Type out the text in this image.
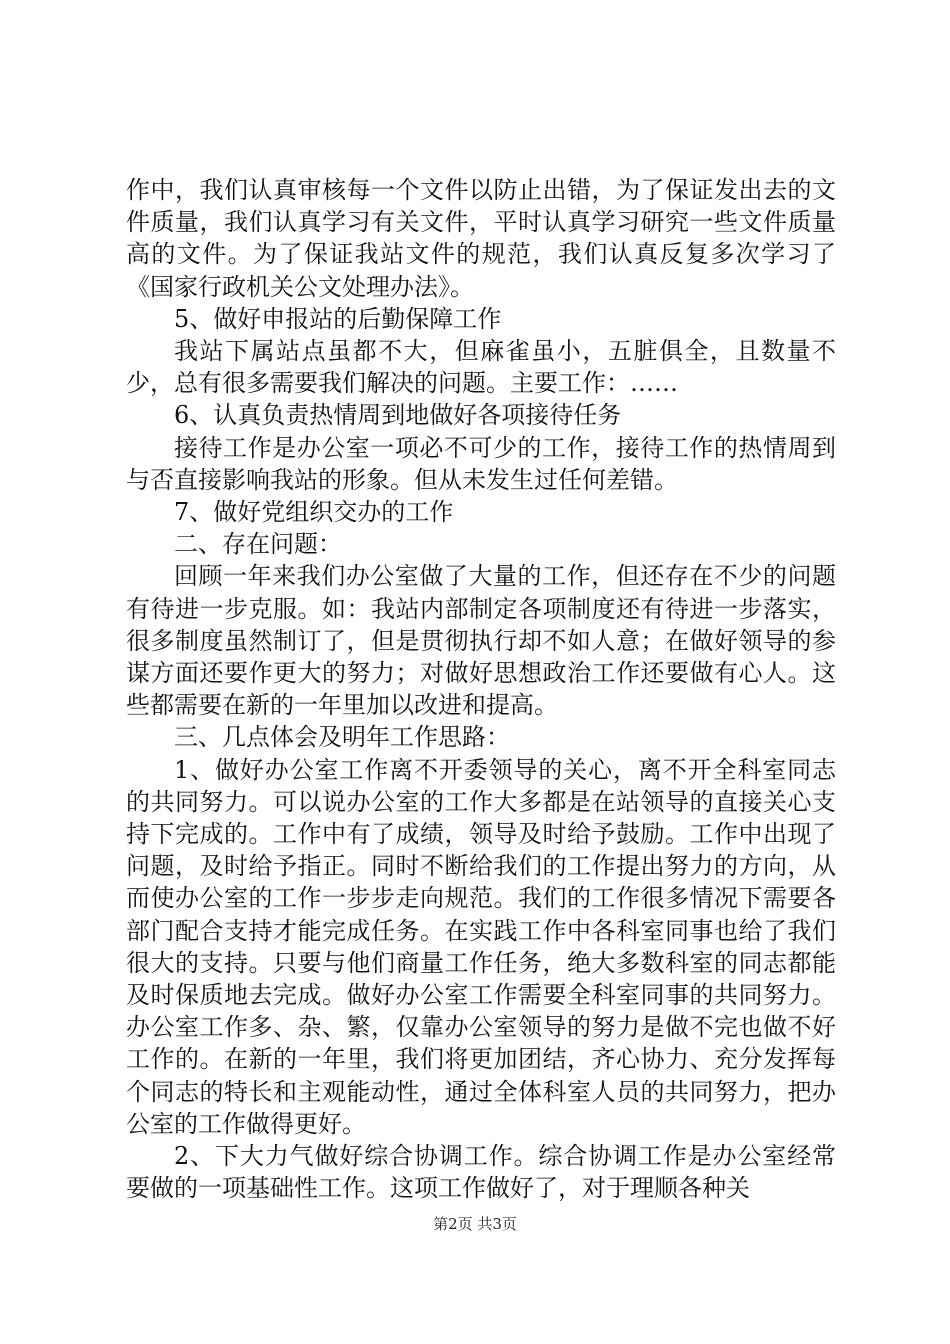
作中，我们认真审核每一个文件以防止出错，为了保证发出去的文件质量，我们认真学习有关文件，平时认真学习研究一些文件质量高的文件。为了保证我站文件的规范，我们认真反复多次学习了《国家行政机关公文处理办法》。

5、做好申报站的后勤保障工作

我站下属站点虽都不大，但麻雀虽小，五脏俱全，且数量不少，总有很多需要我们解决的问题。主要工作：……

6、认真负责热情周到地做好各项接待任务

接待工作是办公室一项必不可少的工作，接待工作的热情周到与否直接影响我站的形象。但从未发生过任何差错。

7、做好党组织交办的工作

二、存在问题：

回顾一年来我们办公室做了大量的工作，但还存在不少的问题有待进一步克服。如：我站内部制定各项制度还有待进一步落实，很多制度虽然制订了，但是贯彻执行却不如人意；在做好领导的参谋方面还要作更大的努力；对做好思想政治工作还要做有心人。这些都需要在新的一年里加以改进和提高。

三、几点体会及明年工作思路：

1、做好办公室工作离不开委领导的关心，离不开全科室同志的共同努力。可以说办公室的工作大多都是在站领导的直接关心支持下完成的。工作中有了成绩，领导及时给予鼓励。工作中出现了问题，及时给予指正。同时不断给我们的工作提出努力的方向，从而使办公室的工作一步步走向规范。我们的工作很多情况下需要各部门配合支持才能完成任务。在实践工作中各科室同事也给了我们很大的支持。只要与他们商量工作任务，绝大多数科室的同志都能及时保质地去完成。做好办公室工作需要全科室同事的共同努力。办公室工作多、杂、繁，仅靠办公室领导的努力是做不完也做不好工作的。在新的一年里，我们将更加团结，齐心协力、充分发挥每个同志的特长和主观能动性，通过全体科室人员的共同努力，把办公室的工作做得更好。

2、下大力气做好综合协调工作。综合协调工作是办公室经常要做的一项基础性工作。这项工作做好了，对于理顺各种关

第2页 共3页
